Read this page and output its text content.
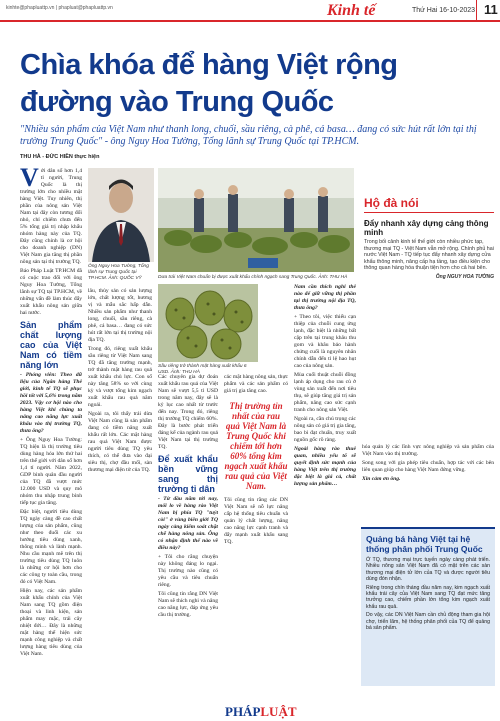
kinhte@phapluattp.vn | phapluat@phapluattp.vn	Kinh tế	Thứ Hai 16-10-2023 11
Chìa khóa để hàng Việt rộng đường vào Trung Quốc

"Nhiều sản phẩm của Việt Nam như thanh long, chuối, sầu riêng, cà phê, cá basa… đang có sức hút rất lớn tại thị trường Trung Quốc" - ông Nguy Hoa Tường, Tổng lãnh sự Trung Quốc tại TP.HCM.

THU HÀ - ĐỨC HIỀN thực hiện
V ới dân số hơn 1,4 tỉ người, Trung Quốc là thị trường lớn cho nhiều mặt hàng Việt. Tuy nhiên, thị phần của nông sản Việt Nam tại đây còn tương đối nhỏ, chỉ chiếm chưa đến 5% tổng giá trị nhập khẩu nhóm hàng này của TQ. Đây cũng chính là cơ hội cho doanh nghiệp (DN) Việt Nam gia tăng thị phần nông sản tại thị trường TQ.

Báo Pháp Luật TP.HCM đã có cuộc trao đổi với ông Nguy Hoa Tường, Tổng lãnh sự TQ tại TP.HCM, về những vấn đề làm thúc đẩy xuất khẩu nông sản giữa hai nước.

Sản phẩm chất lượng cao của Việt Nam có tiềm năng lớn

- Phóng viên: Theo dữ liệu của Ngân hàng Thế giới, kinh tế TQ sẽ phục hồi tốt với 5,6% trong năm 2023. Vậy cơ hội nào cho hàng Việt khi chúng ta nâng cao năng lực xuất khẩu vào thị trường TQ, thưa ông?

+ Ông Nguy Hoa Tường: TQ hiện là thị trường tiêu dùng hàng hóa lớn thứ hai trên thế giới với dân số hơn 1,4 tỉ người. Năm 2022, GDP bình quân đầu người của TQ đã vượt mức 12.000 USD và quy mô nhóm thu nhập trung bình tiếp tục gia tăng.

Đặc biệt, người tiêu dùng TQ ngày càng đề cao chất lượng của sản phẩm, cũng như theo đuổi các xu hướng tiêu dùng xanh, thông minh và lành mạnh. Nhu cầu mạnh mẽ trên thị trường tiêu dùng TQ luôn là những cơ hội hơn cho các công ty toàn cầu, trong đó có Việt Nam.

Hiện nay, các sản phẩm xuất khẩu chính của Việt Nam sang TQ gồm điện thoại và linh kiện, sản phẩm may mặc, trái cây nhiệt đới… Đây là những mặt hàng thể hiện sức mạnh công nghiệp và chất lượng hàng tiêu dùng của Việt Nam.

Ông Nguy Hoa Tường, Tổng lãnh sự Trung Quốc tại TP.HCM. Ảnh: QUỐC VỸ

lâu, thủy sản có sản lượng lớn, chất lượng tốt, hương vị và mẫu sắc hấp dẫn. Nhiều sản phẩm như thanh long, chuối, sầu riêng, cà phê, cá basa… đang có sức hút rất lớn tại thị trường nội địa TQ.

Trong đó, riêng xuất khẩu sầu riêng từ Việt Nam sang TQ đã tăng trưởng mạnh, trở thành mặt hàng rau quả xuất khẩu chủ lực. Con số này tăng 58% so với cùng kỳ và vượt tổng kim ngạch xuất khẩu rau quả năm ngoái.

Ngoài ra, tôi thấy trái dừa Việt Nam cũng là sản phẩm đang có tiềm năng xuất khẩu rất lớn. Các mặt hàng rau quả Việt Nam được người tiêu dùng TQ yêu thích, có thể đưa vào đại siêu thị, chợ đầu mối, sàn thương mại điện tử của TQ.

Dưa trái Việt Nam chuẩn bị được xuất khẩu chính ngạch sang Trung Quốc. Ảnh: THU HÀ
Sầu riêng trở thành mặt hàng xuất khẩu 6 USD. Ảnh: THU HÀ

Các chuyên gia dự đoán xuất khẩu rau quả của Việt Nam sẽ vượt 5,5 tỉ USD trong năm nay, đây sẽ là kỷ lục cao nhất từ trước đến nay. Trong đó, riêng thị trường TQ chiếm 60%. Đây là bước phát triển đáng kể của ngành rau quả Việt Nam tại thị trường TQ.

Để xuất khẩu bền vững sang thị trường tỉ dân

- Từ đầu năm tới nay, mối lo về hàng rào Việt Nam bị phía TQ "tuýt còi" ở vùng biên giới TQ ngày càng kiểm soát chặt chẽ hàng nông sản. Ông có nhận định thế nào về điều này?

+ Tôi cho rằng chuyện này không đáng lo ngại. Thị trường nào cũng có yêu cầu và tiêu chuẩn riêng.

Tôi cũng tin rằng DN Việt Nam sẽ thích nghi và nâng cao năng lực, đáp ứng yêu cầu thị trường.

các mặt hàng nông sản, thực phẩm và các sản phẩm có giá trị gia tăng cao.

Thị trường tỉn nhất của rau quả Việt Nam là Trung Quốc khi chiếm tới hơn 60% tổng kim ngạch xuất khẩu rau quả của Việt Nam.

Tôi cũng tin rằng các DN Việt Nam sẽ nỗ lực nâng cấp hệ thống tiêu chuẩn và quản lý chất lượng, nâng cao năng lực cạnh tranh và đẩy mạnh xuất khẩu sang TQ.

Nam cần thích nghi thế nào để giữ vững thị phần tại thị trường nội địa TQ, thưa ông?

+ Theo tôi, việc thiếu cạn thiệp của chuỗi cung ứng lạnh, đặc biệt là những bất cập trên tại trung khâu thu gom và khâu bảo hành chứng cuối là nguyên nhân chính dẫn đến tỉ lệ hao hụt cao của nông sản.

Mùa cuối thuật chuỗi đồng lạnh áp dụng cho rau củ ở vùng sản xuất đến nơi tiêu thụ, sẽ giúp tăng giá trị sản phẩm, nâng cao sức cạnh tranh cho nông sản Việt.

Ngoài ra, cần chú trọng các nông sản có giá trị gia tăng, bao bì đạt chuẩn, truy xuất nguồn gốc rõ ràng.

Ngoài hàng rào thuế quan, nhiều yếu tố sẽ quyết định sức mạnh của hàng Việt trên thị trường đặc biệt là giá cả, chất lượng sản phẩm…

hóa quản lý các lĩnh vực nông nghiệp và sản phẩm của Việt Nam vào thị trường.

Song song với gia phép tiêu chuẩn, hợp tác với các bên liên quan giúp cho hàng Việt Nam đứng vững.

Xin cảm ơn ông.

Hộ đà nói
Đẩy nhanh xây dựng cảng thông minh
Trong bối cảnh kinh tế thế giới còn nhiều phức tạp, thương mại TQ - Việt Nam vẫn mở rộng. Chính phủ hai nước Việt Nam - TQ tiếp tục đẩy nhanh xây dựng cửa khẩu thông minh, nâng cấp hạ tầng, tạo điều kiện cho thông quan hàng hóa thuận tiện hơn cho cả hai bên.
Ông NGUY HOA TƯỜNG
Quảng bá hàng Việt tại hệ thống phân phối Trung Quốc

Ở TQ, thương mại trực tuyến ngày càng phát triển. Nhiều nông sản Việt Nam đã có mặt trên các sàn thương mại điện tử lớn của TQ và được người tiêu dùng đón nhận.

Riêng trong chín tháng đầu năm nay, kim ngạch xuất khẩu trái cây của Việt Nam sang TQ đạt mức tăng trưởng cao, chiếm phần lớn tổng kim ngạch xuất khẩu rau quả.

Do vậy, các DN Việt Nam cần chủ động tham gia hội chợ, triển lãm, hệ thống phân phối của TQ để quảng bá sản phẩm.

PHÁPLUẬT
